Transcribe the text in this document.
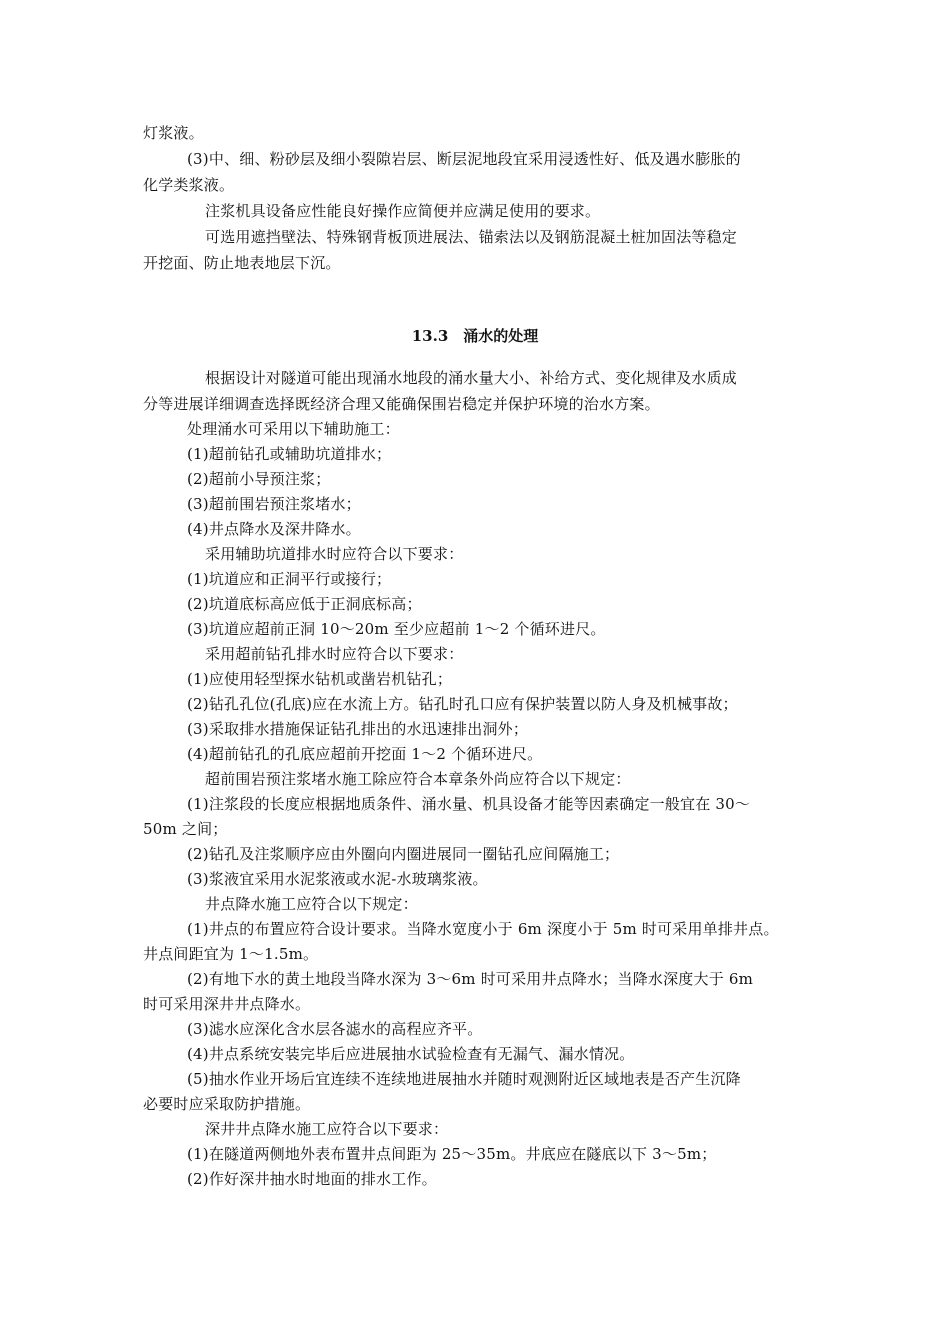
灯浆液。
(3)中、细、粉砂层及细小裂隙岩层、断层泥地段宜采用浸透性好、低及遇水膨胀的
化学类浆液。
注浆机具设备应性能良好操作应简便并应满足使用的要求。
可选用遮挡壁法、特殊钢背板顶进展法、锚索法以及钢筋混凝土桩加固法等稳定
开挖面、防止地表地层下沉。
13.3　涌水的处理
根据设计对隧道可能出现涌水地段的涌水量大小、补给方式、变化规律及水质成
分等进展详细调查选择既经济合理又能确保围岩稳定并保护环境的治水方案。
处理涌水可采用以下辅助施工：
(1)超前钻孔或辅助坑道排水；
(2)超前小导预注浆；
(3)超前围岩预注浆堵水；
(4)井点降水及深井降水。
采用辅助坑道排水时应符合以下要求：
(1)坑道应和正洞平行或接行；
(2)坑道底标高应低于正洞底标高；
(3)坑道应超前正洞 10～20m 至少应超前 1～2 个循环进尺。
采用超前钻孔排水时应符合以下要求：
(1)应使用轻型探水钻机或凿岩机钻孔；
(2)钻孔孔位(孔底)应在水流上方。钻孔时孔口应有保护装置以防人身及机械事故；
(3)采取排水措施保证钻孔排出的水迅速排出洞外；
(4)超前钻孔的孔底应超前开挖面 1～2 个循环进尺。
超前围岩预注浆堵水施工除应符合本章条外尚应符合以下规定：
(1)注浆段的长度应根据地质条件、涌水量、机具设备才能等因素确定一般宜在 30～
50m 之间；
(2)钻孔及注浆顺序应由外圈向内圈进展同一圈钻孔应间隔施工；
(3)浆液宜采用水泥浆液或水泥-水玻璃浆液。
井点降水施工应符合以下规定：
(1)井点的布置应符合设计要求。当降水宽度小于 6m 深度小于 5m 时可采用单排井点。
井点间距宜为 1～1.5m。
(2)有地下水的黄土地段当降水深为 3～6m 时可采用井点降水；当降水深度大于 6m
时可采用深井井点降水。
(3)滤水应深化含水层各滤水的高程应齐平。
(4)井点系统安装完毕后应进展抽水试验检查有无漏气、漏水情况。
(5)抽水作业开场后宜连续不连续地进展抽水并随时观测附近区域地表是否产生沉降
必要时应采取防护措施。
深井井点降水施工应符合以下要求：
(1)在隧道两侧地外表布置井点间距为 25～35m。井底应在隧底以下 3～5m；
(2)作好深井抽水时地面的排水工作。
